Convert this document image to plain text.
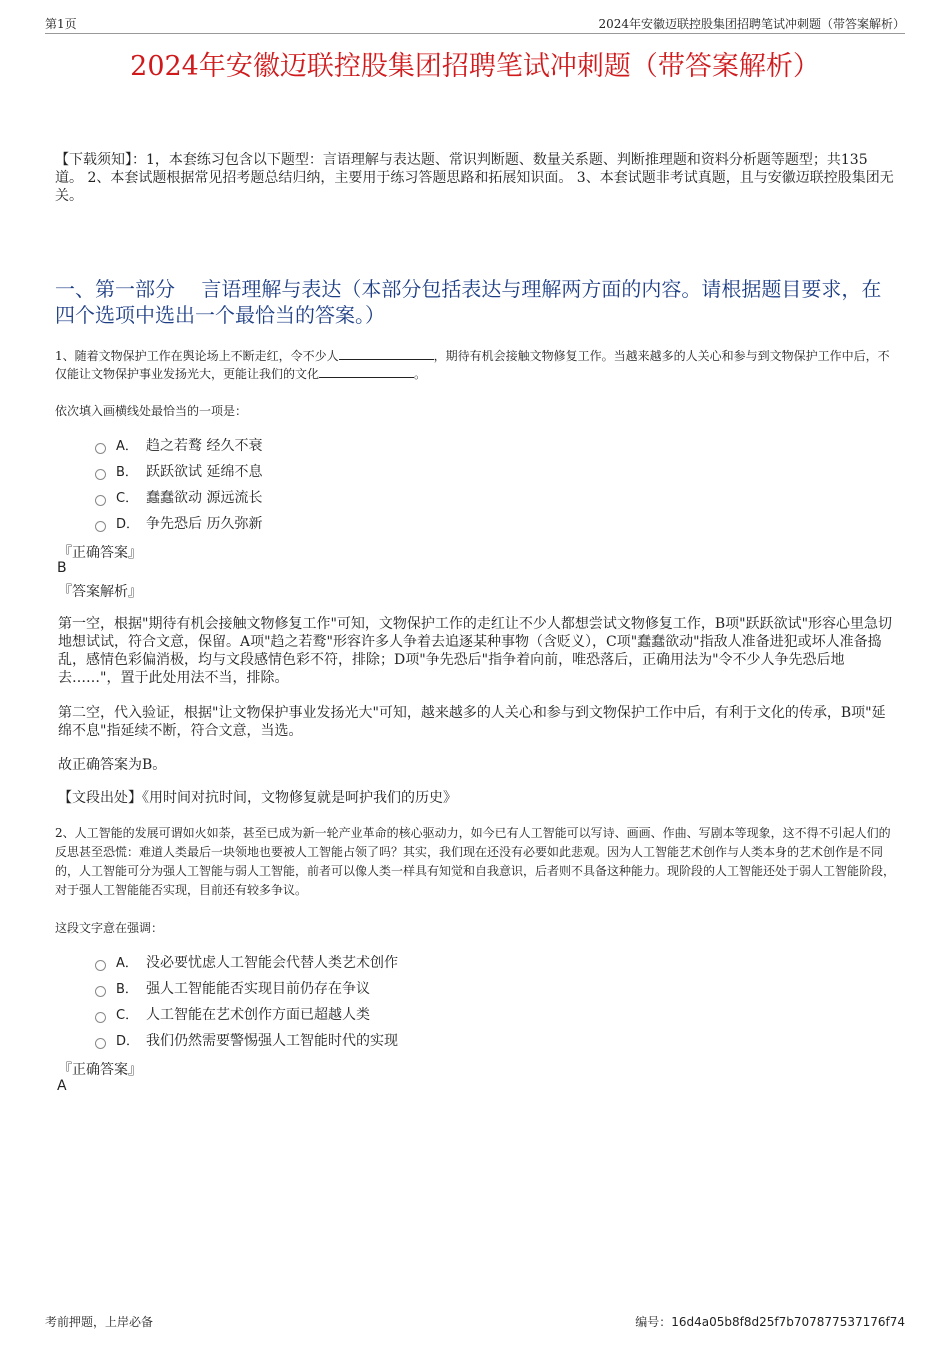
第1页	2024年安徽迈联控股集团招聘笔试冲刺题（带答案解析）
2024年安徽迈联控股集团招聘笔试冲刺题（带答案解析）
【下载须知】：1，本套练习包含以下题型：言语理解与表达题、常识判断题、数量关系题、判断推理题和资料分析题等题型；共135道。 2、本套试题根据常见招考题总结归纳，主要用于练习答题思路和拓展知识面。 3、本套试题非考试真题，且与安徽迈联控股集团无关。
一、第一部分　 言语理解与表达（本部分包括表达与理解两方面的内容。请根据题目要求，在四个选项中选出一个最恰当的答案。）
1、随着文物保护工作在舆论场上不断走红，令不少人	，期待有机会接触文物修复工作。当越来越多的人关心和参与到文物保护工作中后，不仅能让文物保护事业发扬光大，更能让我们的文化	。
依次填入画横线处最恰当的一项是：
A． 趋之若鹜 经久不衰
B． 跃跃欲试 延绵不息
C． 蠢蠢欲动 源远流长
D． 争先恐后 历久弥新
『正确答案』
B
『答案解析』
第一空，根据"期待有机会接触文物修复工作"可知，文物保护工作的走红让不少人都想尝试文物修复工作，B项"跃跃欲试"形容心里急切地想试试，符合文意，保留。A项"趋之若鹜"形容许多人争着去追逐某种事物（含贬义），C项"蠢蠢欲动"指敌人准备进犯或坏人准备捣乱，感情色彩偏消极，均与文段感情色彩不符，排除；D项"争先恐后"指争着向前，唯恐落后，正确用法为"令不少人争先恐后地去……"，置于此处用法不当，排除。
第二空，代入验证，根据"让文物保护事业发扬光大"可知，越来越多的人关心和参与到文物保护工作中后，有利于文化的传承，B项"延绵不息"指延续不断，符合文意，当选。
故正确答案为B。
【文段出处】《用时间对抗时间，文物修复就是呵护我们的历史》
2、人工智能的发展可谓如火如荼，甚至已成为新一轮产业革命的核心驱动力，如今已有人工智能可以写诗、画画、作曲、写剧本等现象，这不得不引起人们的反思甚至恐慌：难道人类最后一块领地也要被人工智能占领了吗？其实，我们现在还没有必要如此悲观。因为人工智能艺术创作与人类本身的艺术创作是不同的，人工智能可分为强人工智能与弱人工智能，前者可以像人类一样具有知觉和自我意识，后者则不具备这种能力。现阶段的人工智能还处于弱人工智能阶段，对于强人工智能能否实现，目前还有较多争议。
这段文字意在强调：
A． 没必要忧虑人工智能会代替人类艺术创作
B． 强人工智能能否实现目前仍存在争议
C． 人工智能在艺术创作方面已超越人类
D． 我们仍然需要警惕强人工智能时代的实现
『正确答案』
A
考前押题，上岸必备	编号：16d4a05b8f8d25f7b707877537176f74
